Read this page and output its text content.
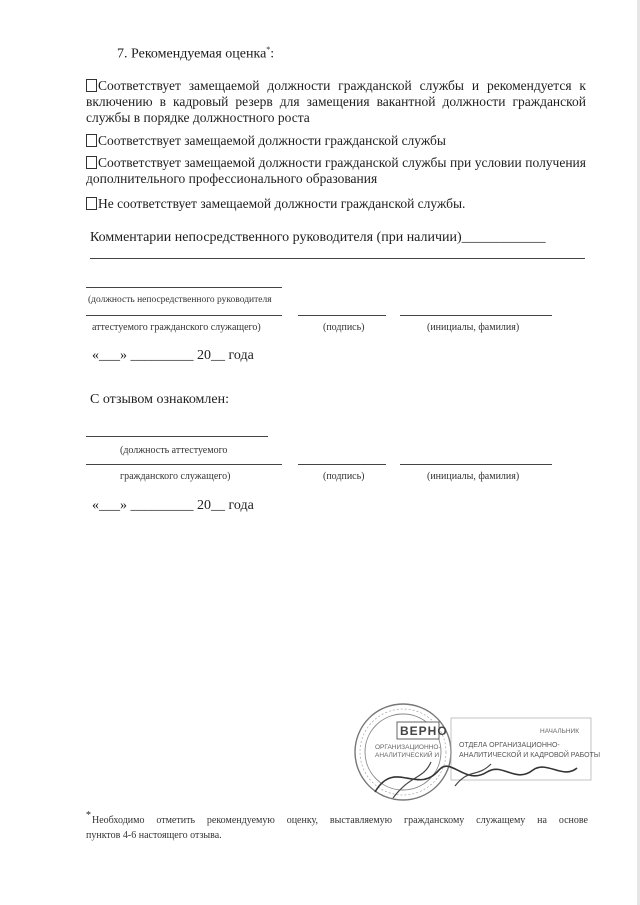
7. Рекомендуемая оценка*:
Соответствует замещаемой должности гражданской службы и рекомендуется к включению в кадровый резерв для замещения вакантной должности гражданской службы в порядке должностного роста
Соответствует замещаемой должности гражданской службы
Соответствует замещаемой должности гражданской службы при условии получения дополнительного профессионального образования
Не соответствует замещаемой должности гражданской службы.
Комментарии непосредственного руководителя (при наличии)____________
(должность непосредственного руководителя
аттестуемого гражданского служащего)	(подпись)	(инициалы, фамилия)
«___» _________ 20__ года
С отзывом ознакомлен:
(должность аттестуемого
гражданского служащего)	(подпись)	(инициалы, фамилия)
«___» _________ 20__ года
ВЕРНО
ОРГАНИЗАЦИОННО-
АНАЛИТИЧЕСКИЙ И
НАЧАЛЬНИК
ОТДЕЛА ОРГАНИЗАЦИОННО-
АНАЛИТИЧЕСКОЙ И КАДРОВОЙ РАБОТЫ
* Необходимо отметить рекомендуемую оценку, выставляемую гражданскому служащему на основе
пунктов 4-6 настоящего отзыва.
